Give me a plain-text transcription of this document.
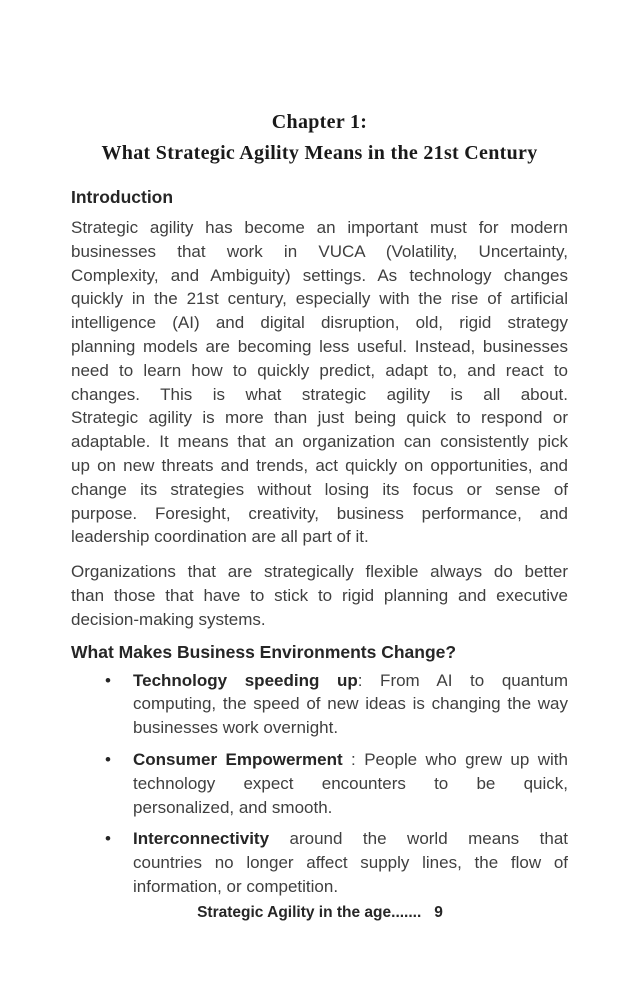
Chapter 1:
What Strategic Agility Means in the 21st Century
Introduction
Strategic agility has become an important must for modern
businesses that work in VUCA (Volatility, Uncertainty,
Complexity, and Ambiguity) settings. As technology changes
quickly in the 21st century, especially with the rise of artificial
intelligence (AI) and digital disruption, old, rigid strategy
planning models are becoming less useful. Instead, businesses
need to learn how to quickly predict, adapt to, and react to
changes. This is what strategic agility is all about.
Strategic agility is more than just being quick to respond or
adaptable. It means that an organization can consistently pick
up on new threats and trends, act quickly on opportunities, and
change its strategies without losing its focus or sense of
purpose. Foresight, creativity, business performance, and
leadership coordination are all part of it.
Organizations that are strategically flexible always do better
than those that have to stick to rigid planning and executive
decision-making systems.
What Makes Business Environments Change?
•	Technology speeding up: From AI to quantum
computing, the speed of new ideas is changing the way
businesses work overnight.
•	Consumer Empowerment : People who grew up with
technology expect encounters to be quick,
personalized, and smooth.
•	Interconnectivity around the world means that
countries no longer affect supply lines, the flow of
information, or competition.
Strategic Agility in the age....... 9
